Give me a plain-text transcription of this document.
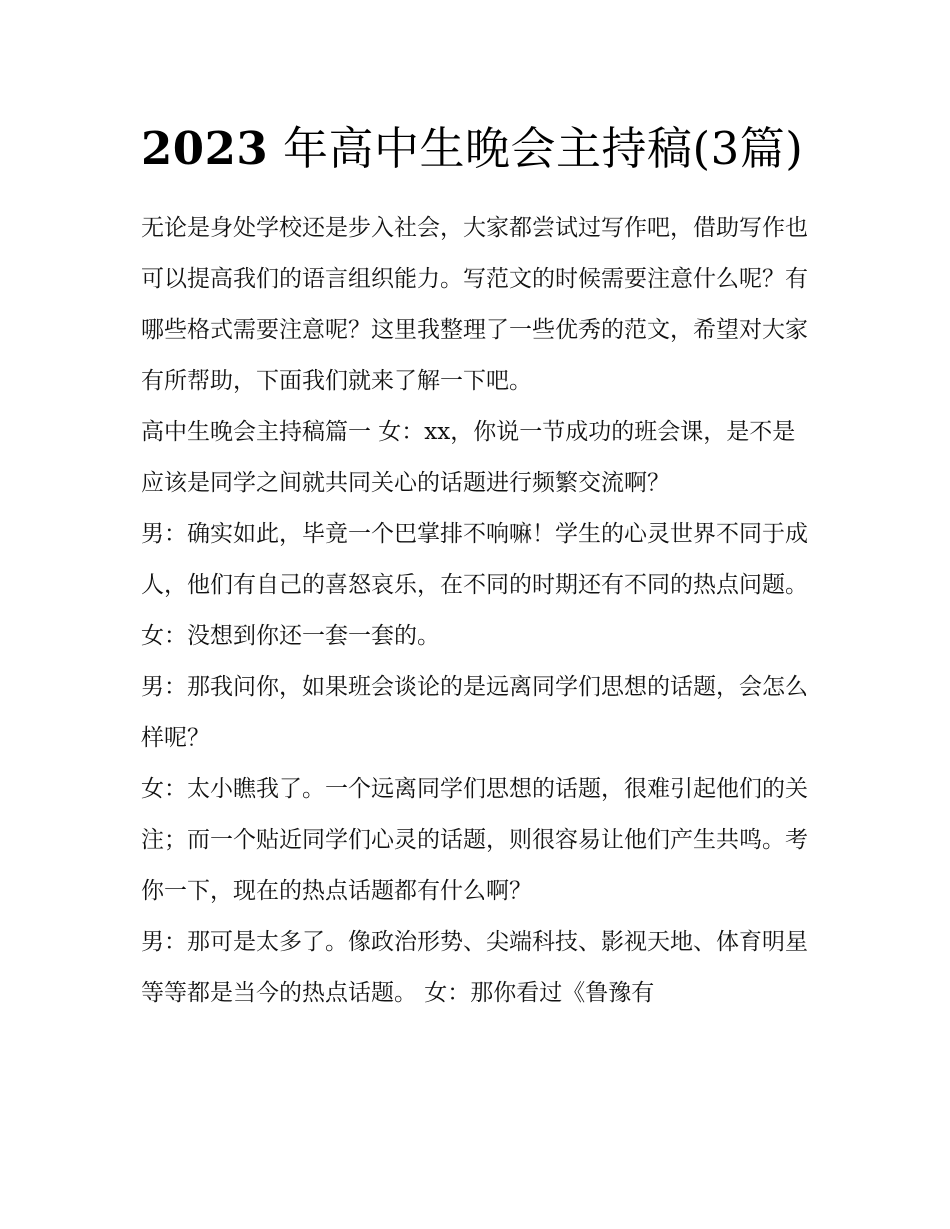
2023 年高中生晚会主持稿(3篇)

无论是身处学校还是步入社会，大家都尝试过写作吧，借助写作也可以提高我们的语言组织能力。写范文的时候需要注意什么呢？有哪些格式需要注意呢？这里我整理了一些优秀的范文，希望对大家有所帮助，下面我们就来了解一下吧。

高中生晚会主持稿篇一 女：xx，你说一节成功的班会课，是不是应该是同学之间就共同关心的话题进行频繁交流啊？

男：确实如此，毕竟一个巴掌排不响嘛！学生的心灵世界不同于成人，他们有自己的喜怒哀乐，在不同的时期还有不同的热点问题。 女：没想到你还一套一套的。

男：那我问你，如果班会谈论的是远离同学们思想的话题，会怎么样呢？

女：太小瞧我了。一个远离同学们思想的话题，很难引起他们的关注；而一个贴近同学们心灵的话题，则很容易让他们产生共鸣。考你一下，现在的热点话题都有什么啊？

男：那可是太多了。像政治形势、尖端科技、影视天地、体育明星等等都是当今的热点话题。 女：那你看过《鲁豫有
